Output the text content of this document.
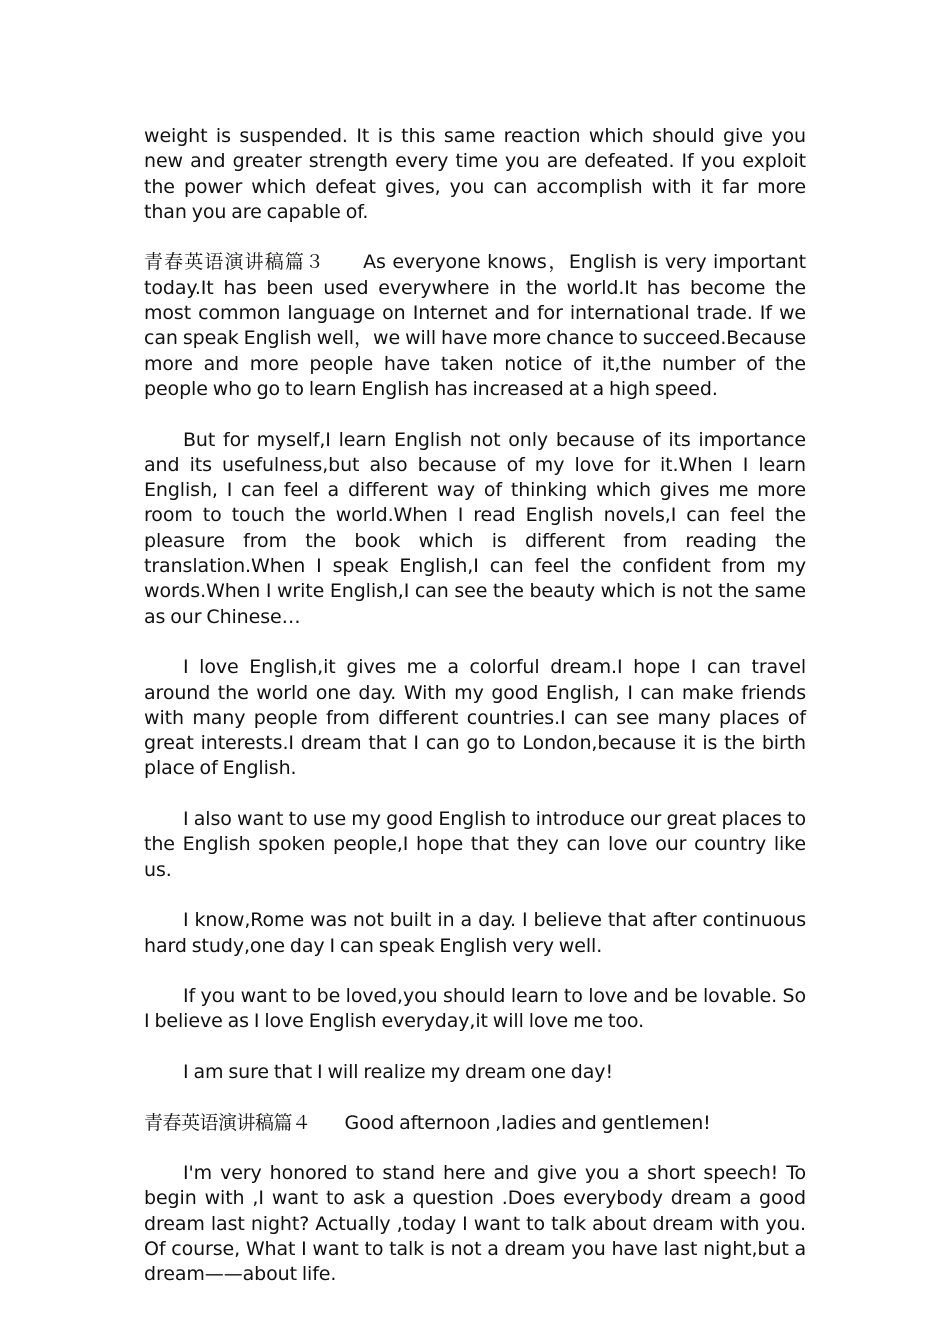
weight is suspended. It is this same reaction which should give you new and greater strength every time you are defeated. If you exploit the power which defeat gives, you can accomplish with it far more than you are capable of.

青春英语演讲稿篇３ As everyone knows，English is very important today.It has been used everywhere in the world.It has become the most common language on Internet and for international trade. If we can speak English well，we will have more chance to succeed.Because more and more people have taken notice of it,the number of the people who go to learn English has increased at a high speed.

But for myself,I learn English not only because of its importance and its usefulness,but also because of my love for it.When I learn English, I can feel a different way of thinking which gives me more room to touch the world.When I read English novels,I can feel the pleasure from the book which is different from reading the translation.When I speak English,I can feel the confident from my words.When I write English,I can see the beauty which is not the same as our Chinese…

I love English,it gives me a colorful dream.I hope I can travel around the world one day. With my good English, I can make friends with many people from different countries.I can see many places of great interests.I dream that I can go to London,because it is the birth place of English.

I also want to use my good English to introduce our great places to the English spoken people,I hope that they can love our country like us.

I know,Rome was not built in a day. I believe that after continuous hard study,one day I can speak English very well.

If you want to be loved,you should learn to love and be lovable. So I believe as I love English everyday,it will love me too.

I am sure that I will realize my dream one day!

青春英语演讲稿篇４ Good afternoon ,ladies and gentlemen!

I'm very honored to stand here and give you a short speech! To begin with ,I want to ask a question .Does everybody dream a good dream last night? Actually ,today I want to talk about dream with you. Of course, What I want to talk is not a dream you have last night,but a dream——about life.
